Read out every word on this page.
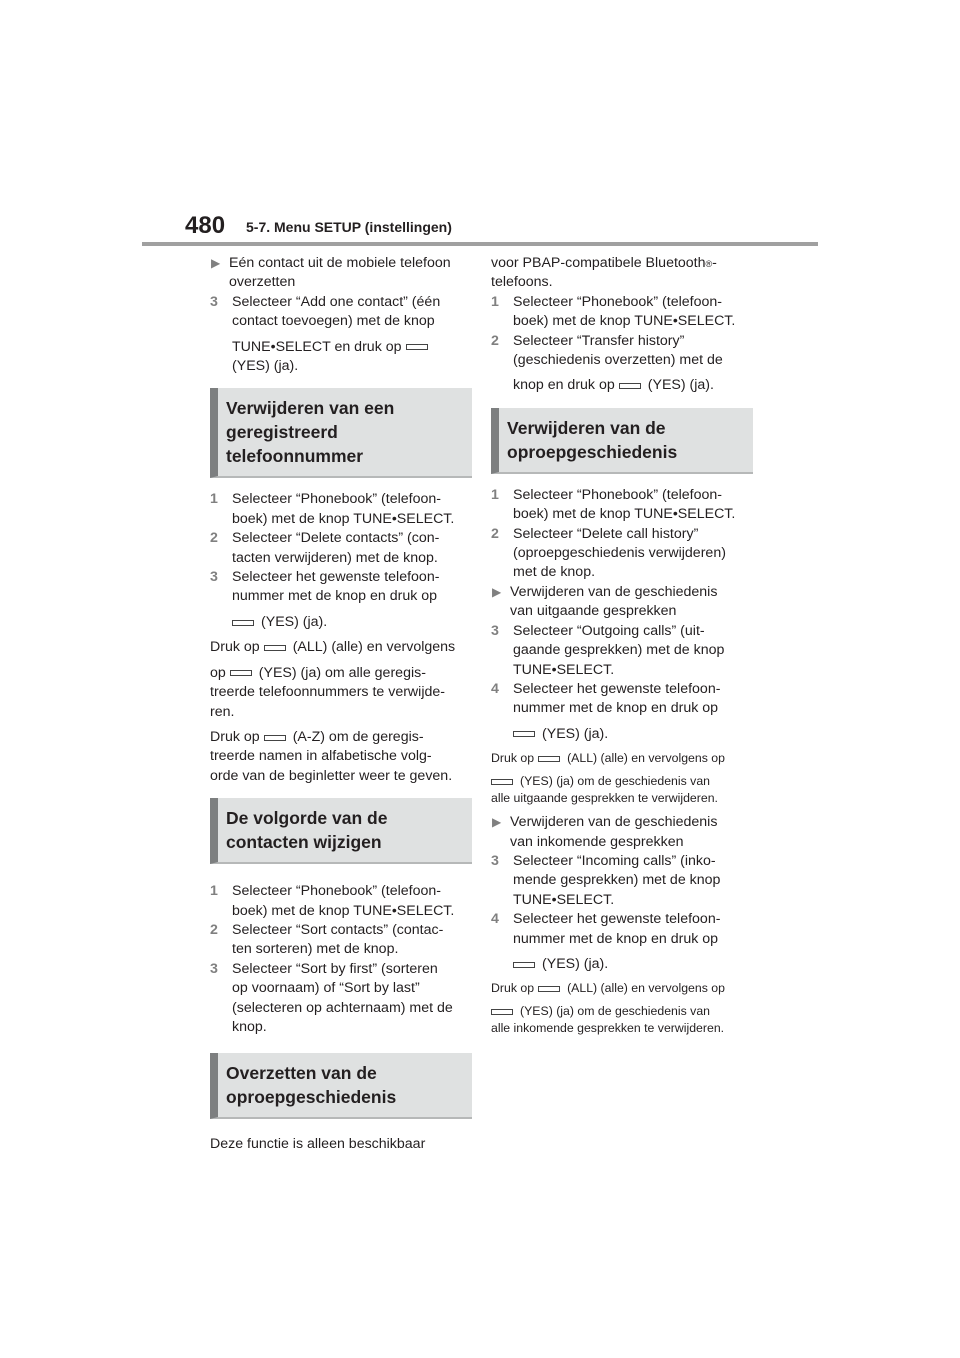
480 5-7. Menu SETUP (instellingen)
▶ Eén contact uit de mobiele telefoon
overzetten
3 Selecteer “Add one contact” (één
contact toevoegen) met de knop
TUNE•SELECT en druk op
(YES) (ja).
Verwijderen van een
geregistreerd
telefoonnummer
1 Selecteer “Phonebook” (telefoon-
boek) met de knop TUNE•SELECT.
2 Selecteer “Delete contacts” (con-
tacten verwijderen) met de knop.
3 Selecteer het gewenste telefoon-
nummer met de knop en druk op
(YES) (ja).
Druk op (ALL) (alle) en vervolgens
op (YES) (ja) om alle geregis-
treerde telefoonnummers te verwijde-
ren.
Druk op (A-Z) om de geregis-
treerde namen in alfabetische volg-
orde van de beginletter weer te geven.
De volgorde van de
contacten wijzigen
1 Selecteer “Phonebook” (telefoon-
boek) met de knop TUNE•SELECT.
2 Selecteer “Sort contacts” (contac-
ten sorteren) met de knop.
3 Selecteer “Sort by first” (sorteren
op voornaam) of “Sort by last”
(selecteren op achternaam) met de
knop.
Overzetten van de
oproepgeschiedenis
Deze functie is alleen beschikbaar
voor PBAP-compatibele Bluetooth ® -
telefoons.
1 Selecteer “Phonebook” (telefoon-
boek) met de knop TUNE•SELECT.
2 Selecteer “Transfer history”
(geschiedenis overzetten) met de
knop en druk op (YES) (ja).
Verwijderen van de
oproepgeschiedenis
1 Selecteer “Phonebook” (telefoon-
boek) met de knop TUNE•SELECT.
2 Selecteer “Delete call history”
(oproepgeschiedenis verwijderen)
met de knop.
▶ Verwijderen van de geschiedenis
van uitgaande gesprekken
3 Selecteer “Outgoing calls” (uit-
gaande gesprekken) met de knop
TUNE•SELECT.
4 Selecteer het gewenste telefoon-
nummer met de knop en druk op
(YES) (ja).
Druk op	(ALL) (alle) en vervolgens op
(YES) (ja) om de geschiedenis van
alle uitgaande gesprekken te verwijderen.
▶ Verwijderen van de geschiedenis
van inkomende gesprekken
3 Selecteer “Incoming calls” (inko-
mende gesprekken) met de knop
TUNE•SELECT.
4 Selecteer het gewenste telefoon-
nummer met de knop en druk op
(YES) (ja).
Druk op	(ALL) (alle) en vervolgens op
(YES) (ja) om de geschiedenis van
alle inkomende gesprekken te verwijderen.
